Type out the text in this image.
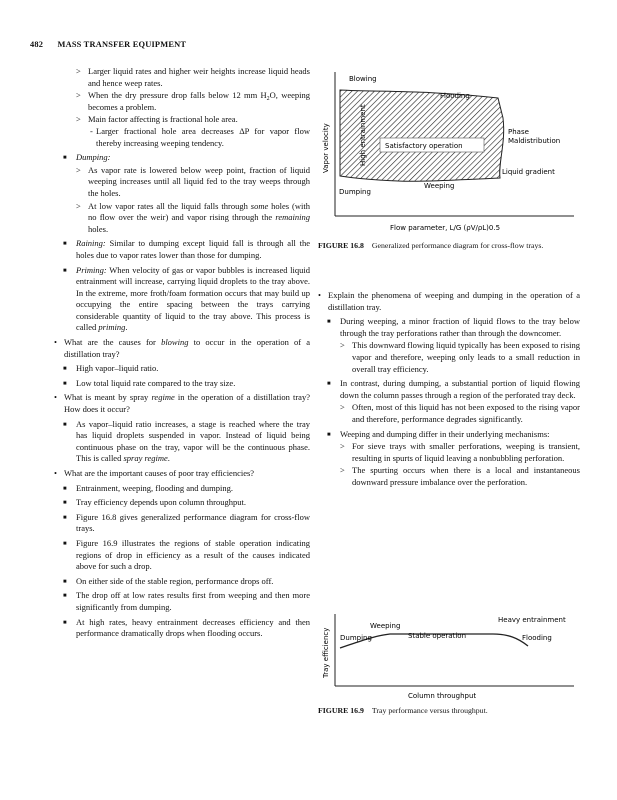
482 MASS TRANSFER EQUIPMENT
> Larger liquid rates and higher weir heights increase liquid heads and hence weep rates.
> When the dry pressure drop falls below 12 mm $H_2O$, weeping becomes a problem.
> Main factor affecting is fractional hole area.
- Larger fractional hole area decreases ΔP for vapor flow thereby increasing weeping tendency.
■ Dumping:
> As vapor rate is lowered below weep point, fraction of liquid weeping increases until all liquid fed to the tray weeps through the holes.
> At low vapor rates all the liquid falls through some holes (with no flow over the weir) and vapor rising through the remaining holes.
■ Raining: Similar to dumping except liquid fall is through all the holes due to vapor rates lower than those for dumping.
■ Priming: When velocity of gas or vapor bubbles is increased liquid entrainment will increase, carrying liquid droplets to the tray above. In the extreme, more froth/foam formation occurs that may build up occupying the entire spacing between the trays carrying considerable quantity of liquid to the tray above. This process is called priming.
• What are the causes for blowing to occur in the operation of a distillation tray?
■ High vapor–liquid ratio.
■ Low total liquid rate compared to the tray size.
• What is meant by spray regime in the operation of a distillation tray? How does it occur?
■ As vapor–liquid ratio increases, a stage is reached where the tray has liquid droplets suspended in vapor. Instead of liquid being continuous phase on the tray, vapor will be the continuous phase. This is called spray regime.
• What are the important causes of poor tray efficiencies?
■ Entrainment, weeping, flooding and dumping.
■ Tray efficiency depends upon column throughput.
■ Figure 16.8 gives generalized performance diagram for cross-flow trays.
■ Figure 16.9 illustrates the regions of stable operation indicating regions of drop in efficiency as a result of the causes indicated above for such a drop.
■ On either side of the stable region, performance drops off.
■ The drop off at low rates results first from weeping and then more significantly from dumping.
■ At high rates, heavy entrainment decreases efficiency and then performance dramatically drops when flooding occurs.
Blowing
Flooding
Phase
Maldistribution
High entrainment	Satisfactory operation
Weeping
Liquid gradient
Dumping
Vapor velocity
Flow parameter, L/G (ρV/ρL)0.5
FIGURE 16.8 Generalized performance diagram for cross-flow trays.
• Explain the phenomena of weeping and dumping in the operation of a distillation tray.
■ During weeping, a minor fraction of liquid flows to the tray below through the tray perforations rather than through the downcomer.
> This downward flowing liquid typically has been exposed to rising vapor and therefore, weeping only leads to a small reduction in overall tray efficiency.
■ In contrast, during dumping, a substantial portion of liquid flowing down the column passes through a region of the perforated tray deck.
> Often, most of this liquid has not been exposed to the rising vapor and therefore, performance degrades significantly.
■ Weeping and dumping differ in their underlying mechanisms:
> For sieve trays with smaller perforations, weeping is transient, resulting in spurts of liquid leaving a nonbubbling perforation.
> The spurting occurs when there is a local and instantaneous downward pressure imbalance over the perforation.
Weeping
Stable operation
Heavy entrainment
Dumping	Flooding
Tray efficiency
Column throughput
FIGURE 16.9 Tray performance versus throughput.
